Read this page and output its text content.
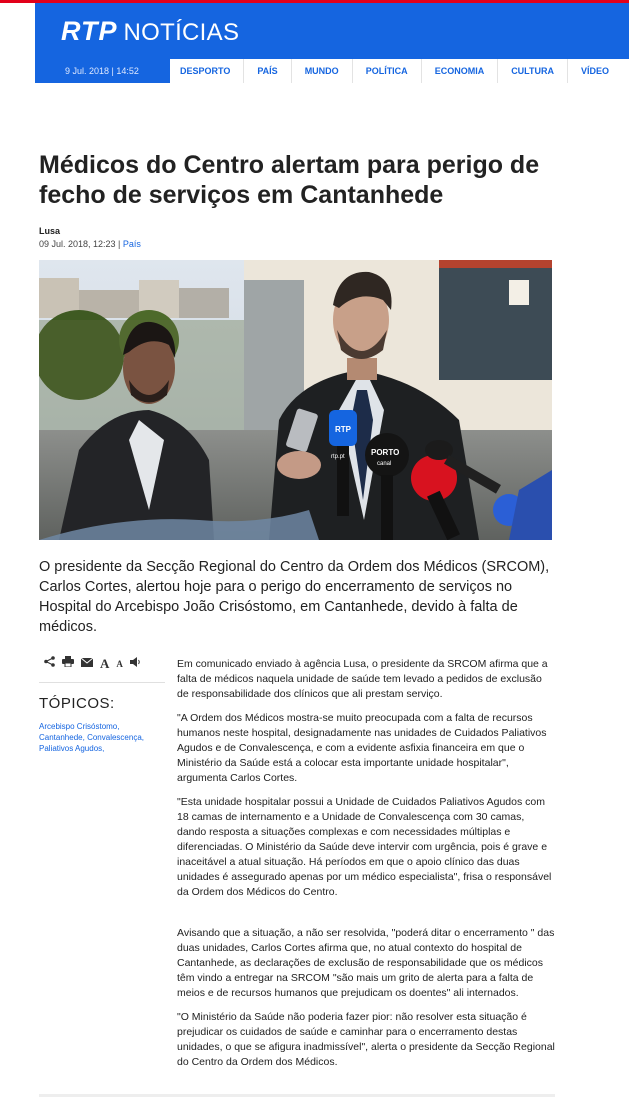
RTP NOTÍCIAS
9 Jul. 2018 | 14:52	DESPORTO	PAÍS	MUNDO	POLÍTICA	ECONOMIA	CULTURA	VÍDEO
Médicos do Centro alertam para perigo de fecho de serviços em Cantanhede
Lusa
09 Jul. 2018, 12:23 | País
RTP
rtp.pt	PORTO
canal
O presidente da Secção Regional do Centro da Ordem dos Médicos (SRCOM), Carlos Cortes, alertou hoje para o perigo do encerramento de serviços no Hospital do Arcebispo João Crisóstomo, em Cantanhede, devido à falta de médicos.
A A
TÓPICOS:
Arcebispo Crisóstomo,
Cantanhede, Convalescença,
Paliativos Agudos,

Em comunicado enviado à agência Lusa, o presidente da SRCOM afirma que a falta de médicos naquela unidade de saúde tem levado a pedidos de exclusão de responsabilidade dos clínicos que ali prestam serviço.

"A Ordem dos Médicos mostra-se muito preocupada com a falta de recursos humanos neste hospital, designadamente nas unidades de Cuidados Paliativos Agudos e de Convalescença, e com a evidente asfixia financeira em que o Ministério da Saúde está a colocar esta importante unidade hospitalar", argumenta Carlos Cortes.

"Esta unidade hospitalar possui a Unidade de Cuidados Paliativos Agudos com 18 camas de internamento e a Unidade de Convalescença com 30 camas, dando resposta a situações complexas e com necessidades múltiplas e diferenciadas. O Ministério da Saúde deve intervir com urgência, pois é grave e inaceitável a atual situação. Há períodos em que o apoio clínico das duas unidades é assegurado apenas por um médico especialista", frisa o responsável da Ordem dos Médicos do Centro.

Avisando que a situação, a não ser resolvida, "poderá ditar o encerramento " das duas unidades, Carlos Cortes afirma que, no atual contexto do hospital de Cantanhede, as declarações de exclusão de responsabilidade que os médicos têm vindo a entregar na SRCOM "são mais um grito de alerta para a falta de meios e de recursos humanos que prejudicam os doentes" ali internados.

"O Ministério da Saúde não poderia fazer pior: não resolver esta situação é prejudicar os cuidados de saúde e caminhar para o encerramento destas unidades, o que se afigura inadmissível", alerta o presidente da Secção Regional do Centro da Ordem dos Médicos.
